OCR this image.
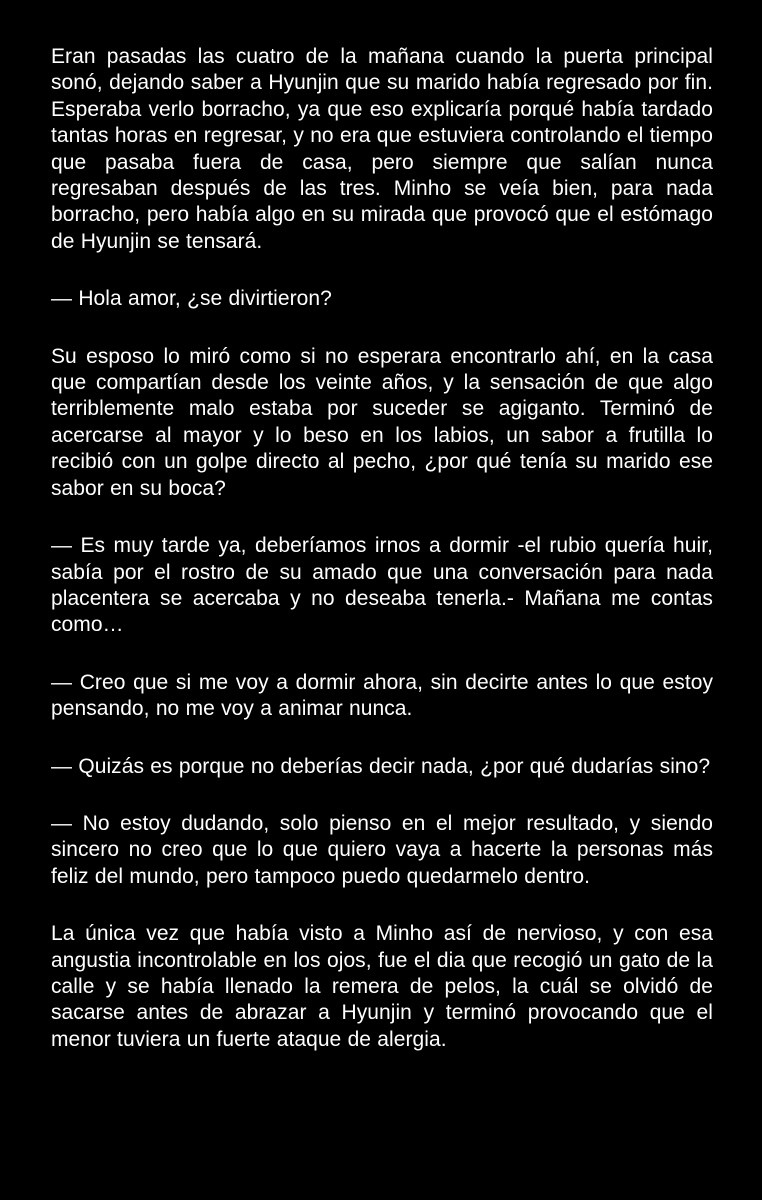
Eran pasadas las cuatro de la mañana cuando la puerta principal sonó, dejando saber a Hyunjin que su marido había regresado por fin. Esperaba verlo borracho, ya que eso explicaría porqué había tardado tantas horas en regresar, y no era que estuviera controlando el tiempo que pasaba fuera de casa, pero siempre que salían nunca regresaban después de las tres. Minho se veía bien, para nada borracho, pero había algo en su mirada que provocó que el estómago de Hyunjin se tensará.

— Hola amor, ¿se divirtieron?

Su esposo lo miró como si no esperara encontrarlo ahí, en la casa que compartían desde los veinte años, y la sensación de que algo terriblemente malo estaba por suceder se agiganto. Terminó de acercarse al mayor y lo beso en los labios, un sabor a frutilla lo recibió con un golpe directo al pecho, ¿por qué tenía su marido ese sabor en su boca?

— Es muy tarde ya, deberíamos irnos a dormir -el rubio quería huir, sabía por el rostro de su amado que una conversación para nada placentera se acercaba y no deseaba tenerla.- Mañana me contas como…

— Creo que si me voy a dormir ahora, sin decirte antes lo que estoy pensando, no me voy a animar nunca.

— Quizás es porque no deberías decir nada, ¿por qué dudarías sino?

— No estoy dudando, solo pienso en el mejor resultado, y siendo sincero no creo que lo que quiero vaya a hacerte la personas más feliz del mundo, pero tampoco puedo quedarmelo dentro.

La única vez que había visto a Minho así de nervioso, y con esa angustia incontrolable en los ojos, fue el dia que recogió un gato de la calle y se había llenado la remera de pelos, la cuál se olvidó de sacarse antes de abrazar a Hyunjin y terminó provocando que el menor tuviera un fuerte ataque de alergia.
